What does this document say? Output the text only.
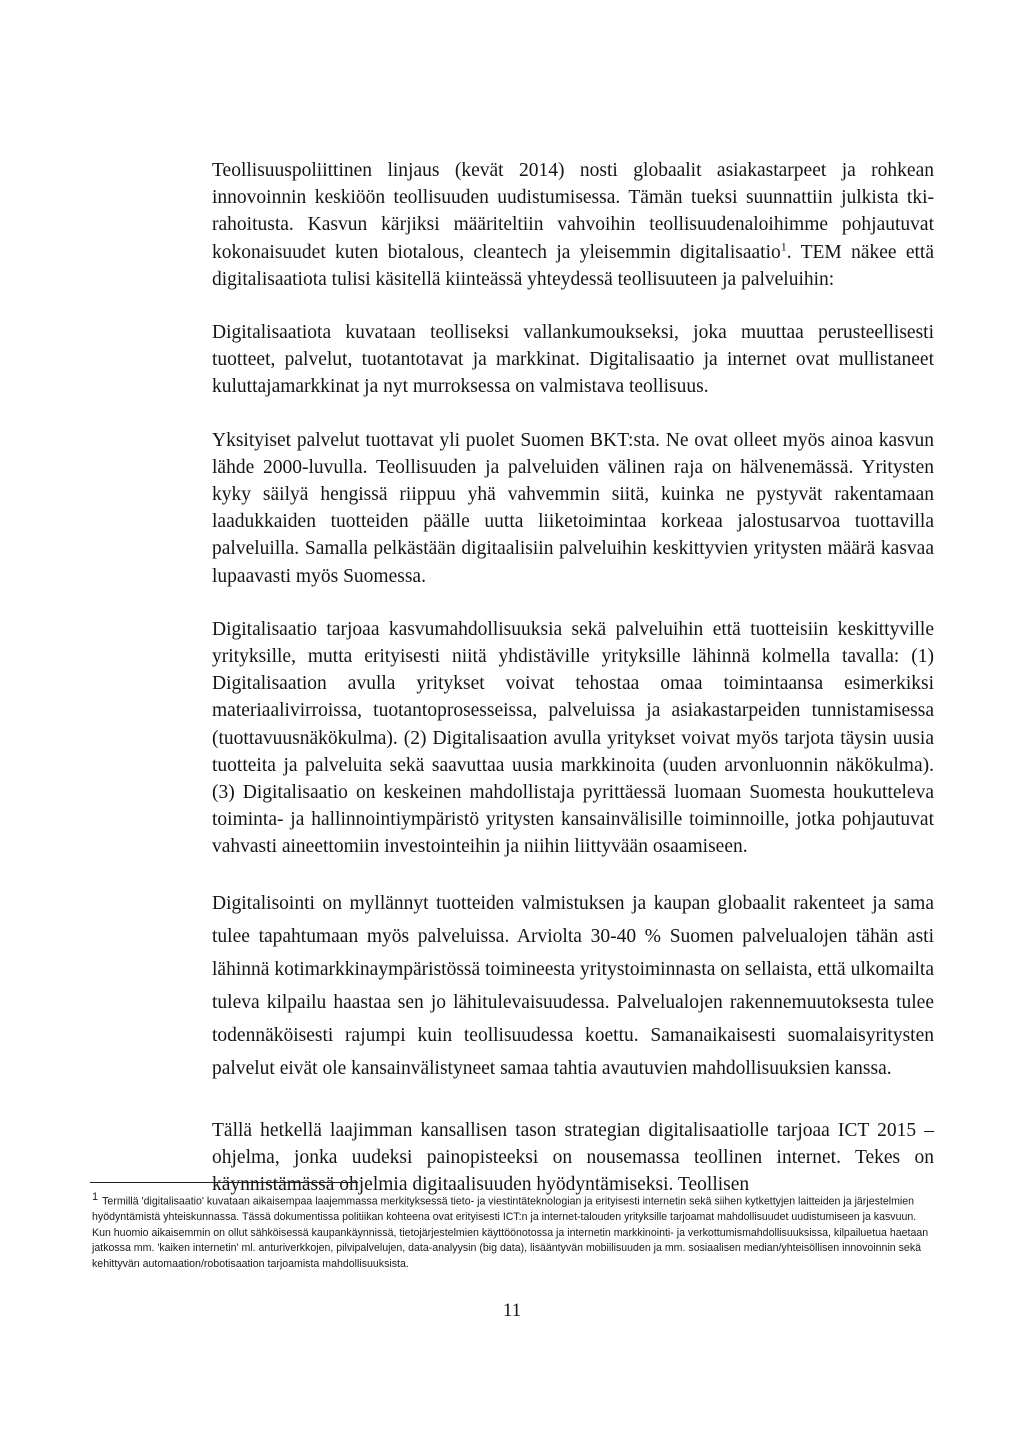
Teollisuuspoliittinen linjaus (kevät 2014) nosti globaalit asiakastarpeet ja rohkean innovoinnin keskiöön teollisuuden uudistumisessa. Tämän tueksi suunnattiin julkista tki-rahoitusta. Kasvun kärjiksi määriteltiin vahvoihin teollisuudenaloihimme pohjautuvat kokonaisuudet kuten biotalous, cleantech ja yleisemmin digitalisaatio$^1$. TEM näkee että digitalisaatiota tulisi käsitellä kiinteässä yhteydessä teollisuuteen ja palveluihin:

Digitalisaatiota kuvataan teolliseksi vallankumoukseksi, joka muuttaa perusteellisesti tuotteet, palvelut, tuotantotavat ja markkinat. Digitalisaatio ja internet ovat mullistaneet kuluttajamarkkinat ja nyt murroksessa on valmistava teollisuus.

Yksityiset palvelut tuottavat yli puolet Suomen BKT:sta. Ne ovat olleet myös ainoa kasvun lähde 2000-luvulla. Teollisuuden ja palveluiden välinen raja on hälvenemässä. Yritysten kyky säilyä hengissä riippuu yhä vahvemmin siitä, kuinka ne pystyvät rakentamaan laadukkaiden tuotteiden päälle uutta liiketoimintaa korkeaa jalostusarvoa tuottavilla palveluilla. Samalla pelkästään digitaalisiin palveluihin keskittyvien yritysten määrä kasvaa lupaavasti myös Suomessa.

Digitalisaatio tarjoaa kasvumahdollisuuksia sekä palveluihin että tuotteisiin keskittyville yrityksille, mutta erityisesti niitä yhdistäville yrityksille lähinnä kolmella tavalla: (1) Digitalisaation avulla yritykset voivat tehostaa omaa toimintaansa esimerkiksi materiaalivirroissa, tuotantoprosesseissa, palveluissa ja asiakastarpeiden tunnistamisessa (tuottavuusnäkökulma). (2) Digitalisaation avulla yritykset voivat myös tarjota täysin uusia tuotteita ja palveluita sekä saavuttaa uusia markkinoita (uuden arvonluonnin näkökulma). (3) Digitalisaatio on keskeinen mahdollistaja pyrittäessä luomaan Suomesta houkutteleva toiminta- ja hallinnointiympäristö yritysten kansainvälisille toiminnoille, jotka pohjautuvat vahvasti aineettomiin investointeihin ja niihin liittyvään osaamiseen.

Digitalisointi on myllännyt tuotteiden valmistuksen ja kaupan globaalit rakenteet ja sama tulee tapahtumaan myös palveluissa. Arviolta 30-40 % Suomen palvelualojen tähän asti lähinnä kotimarkkinaympäristössä toimineesta yritystoiminnasta on sellaista, että ulkomailta tuleva kilpailu haastaa sen jo lähitulevaisuudessa. Palvelualojen rakennemuutoksesta tulee todennäköisesti rajumpi kuin teollisuudessa koettu. Samanaikaisesti suomalaisyritysten palvelut eivät ole kansainvälistyneet samaa tahtia avautuvien mahdollisuuksien kanssa.

Tällä hetkellä laajimman kansallisen tason strategian digitalisaatiolle tarjoaa ICT 2015 –ohjelma, jonka uudeksi painopisteeksi on nousemassa teollinen internet. Tekes on käynnistämässä ohjelmia digitaalisuuden hyödyntämiseksi. Teollisen

1 Termillä 'digitalisaatio' kuvataan aikaisempaa laajemmassa merkityksessä tieto- ja viestintäteknologian ja erityisesti internetin sekä siihen kytkettyjen laitteiden ja järjestelmien hyödyntämistä yhteiskunnassa. Tässä dokumentissa politiikan kohteena ovat erityisesti ICT:n ja internet-talouden yrityksille tarjoamat mahdollisuudet uudistumiseen ja kasvuun. Kun huomio aikaisemmin on ollut sähköisessä kaupankäynnissä, tietojärjestelmien käyttöönotossa ja internetin markkinointi- ja verkottumismahdollisuuksissa, kilpailuetua haetaan jatkossa mm. 'kaiken internetin' ml. anturiverkkojen, pilvipalvelujen, data-analyysin (big data), lisääntyvän mobiilisuuden ja mm. sosiaalisen median/yhteisöllisen innovoinnin sekä kehittyvän automaation/robotisaation tarjoamista mahdollisuuksista.
11
